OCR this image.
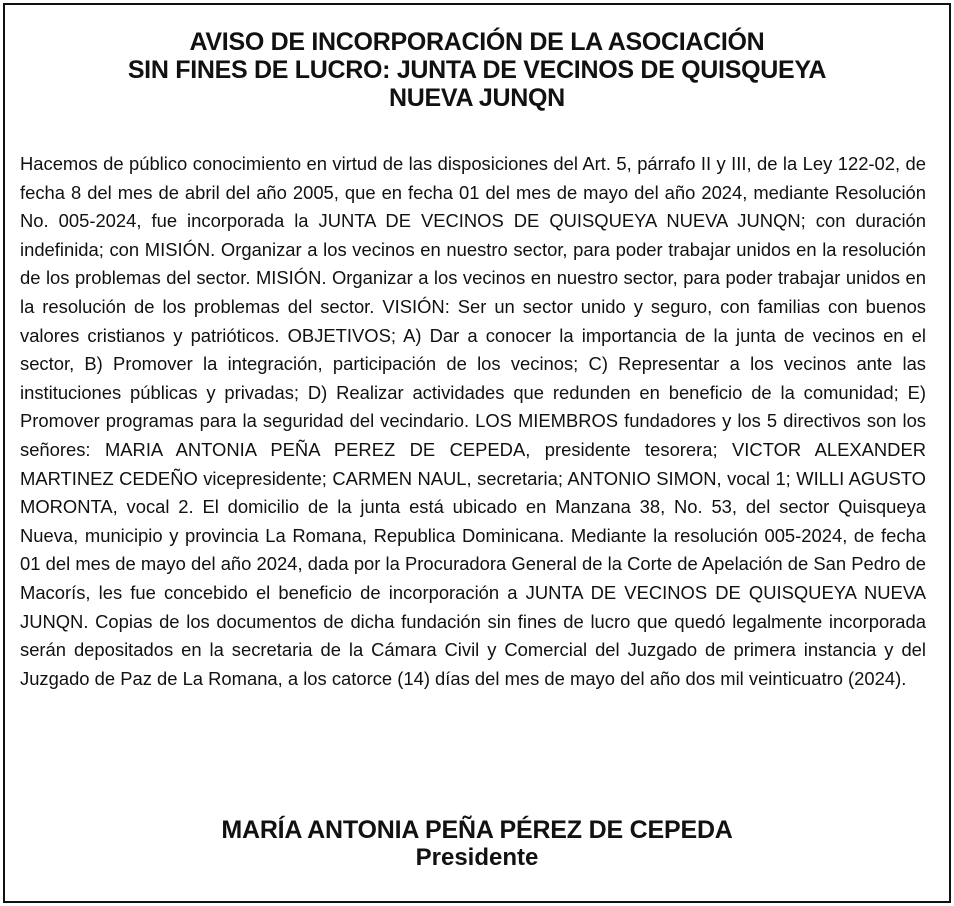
AVISO DE INCORPORACIÓN DE LA ASOCIACIÓN
SIN FINES DE LUCRO: JUNTA DE VECINOS DE QUISQUEYA
NUEVA JUNQN

Hacemos de público conocimiento en virtud de las disposiciones del Art. 5, párrafo II y III, de la Ley 122-02, de fecha 8 del mes de abril del año 2005, que en fecha 01 del mes de mayo del año 2024, mediante Resolución No. 005-2024, fue incorporada la JUNTA DE VECINOS DE QUISQUEYA NUEVA JUNQN; con duración indefinida; con MISIÓN. Organizar a los vecinos en nuestro sector, para poder trabajar unidos en la resolución de los problemas del sector. MISIÓN. Organizar a los vecinos en nuestro sector, para poder trabajar unidos en la resolución de los problemas del sector. VISIÓN: Ser un sector unido y seguro, con familias con buenos valores cristianos y patrióticos. OBJETIVOS; A) Dar a conocer la importancia de la junta de vecinos en el sector, B) Promover la integración, participación de los vecinos; C) Representar a los vecinos ante las instituciones públicas y privadas; D) Realizar actividades que redunden en beneficio de la comunidad; E) Promover programas para la seguridad del vecindario. LOS MIEMBROS fundadores y los 5 directivos son los señores: MARIA ANTONIA PEÑA PEREZ DE CEPEDA, presidente tesorera; VICTOR ALEXANDER MARTINEZ CEDEÑO vicepresidente; CARMEN NAUL, secretaria; ANTONIO SIMON, vocal 1; WILLI AGUSTO MORONTA, vocal 2. El domicilio de la junta está ubicado en Manzana 38, No. 53, del sector Quisqueya Nueva, municipio y provincia La Romana, Republica Dominicana. Mediante la resolución 005-2024, de fecha 01 del mes de mayo del año 2024, dada por la Procuradora General de la Corte de Apelación de San Pedro de Macorís, les fue concebido el beneficio de incorporación a JUNTA DE VECINOS DE QUISQUEYA NUEVA JUNQN. Copias de los documentos de dicha fundación sin fines de lucro que quedó legalmente incorporada serán depositados en la secretaria de la Cámara Civil y Comercial del Juzgado de primera instancia y del Juzgado de Paz de La Romana, a los catorce (14) días del mes de mayo del año dos mil veinticuatro (2024).

MARÍA ANTONIA PEÑA PÉREZ DE CEPEDA
Presidente
